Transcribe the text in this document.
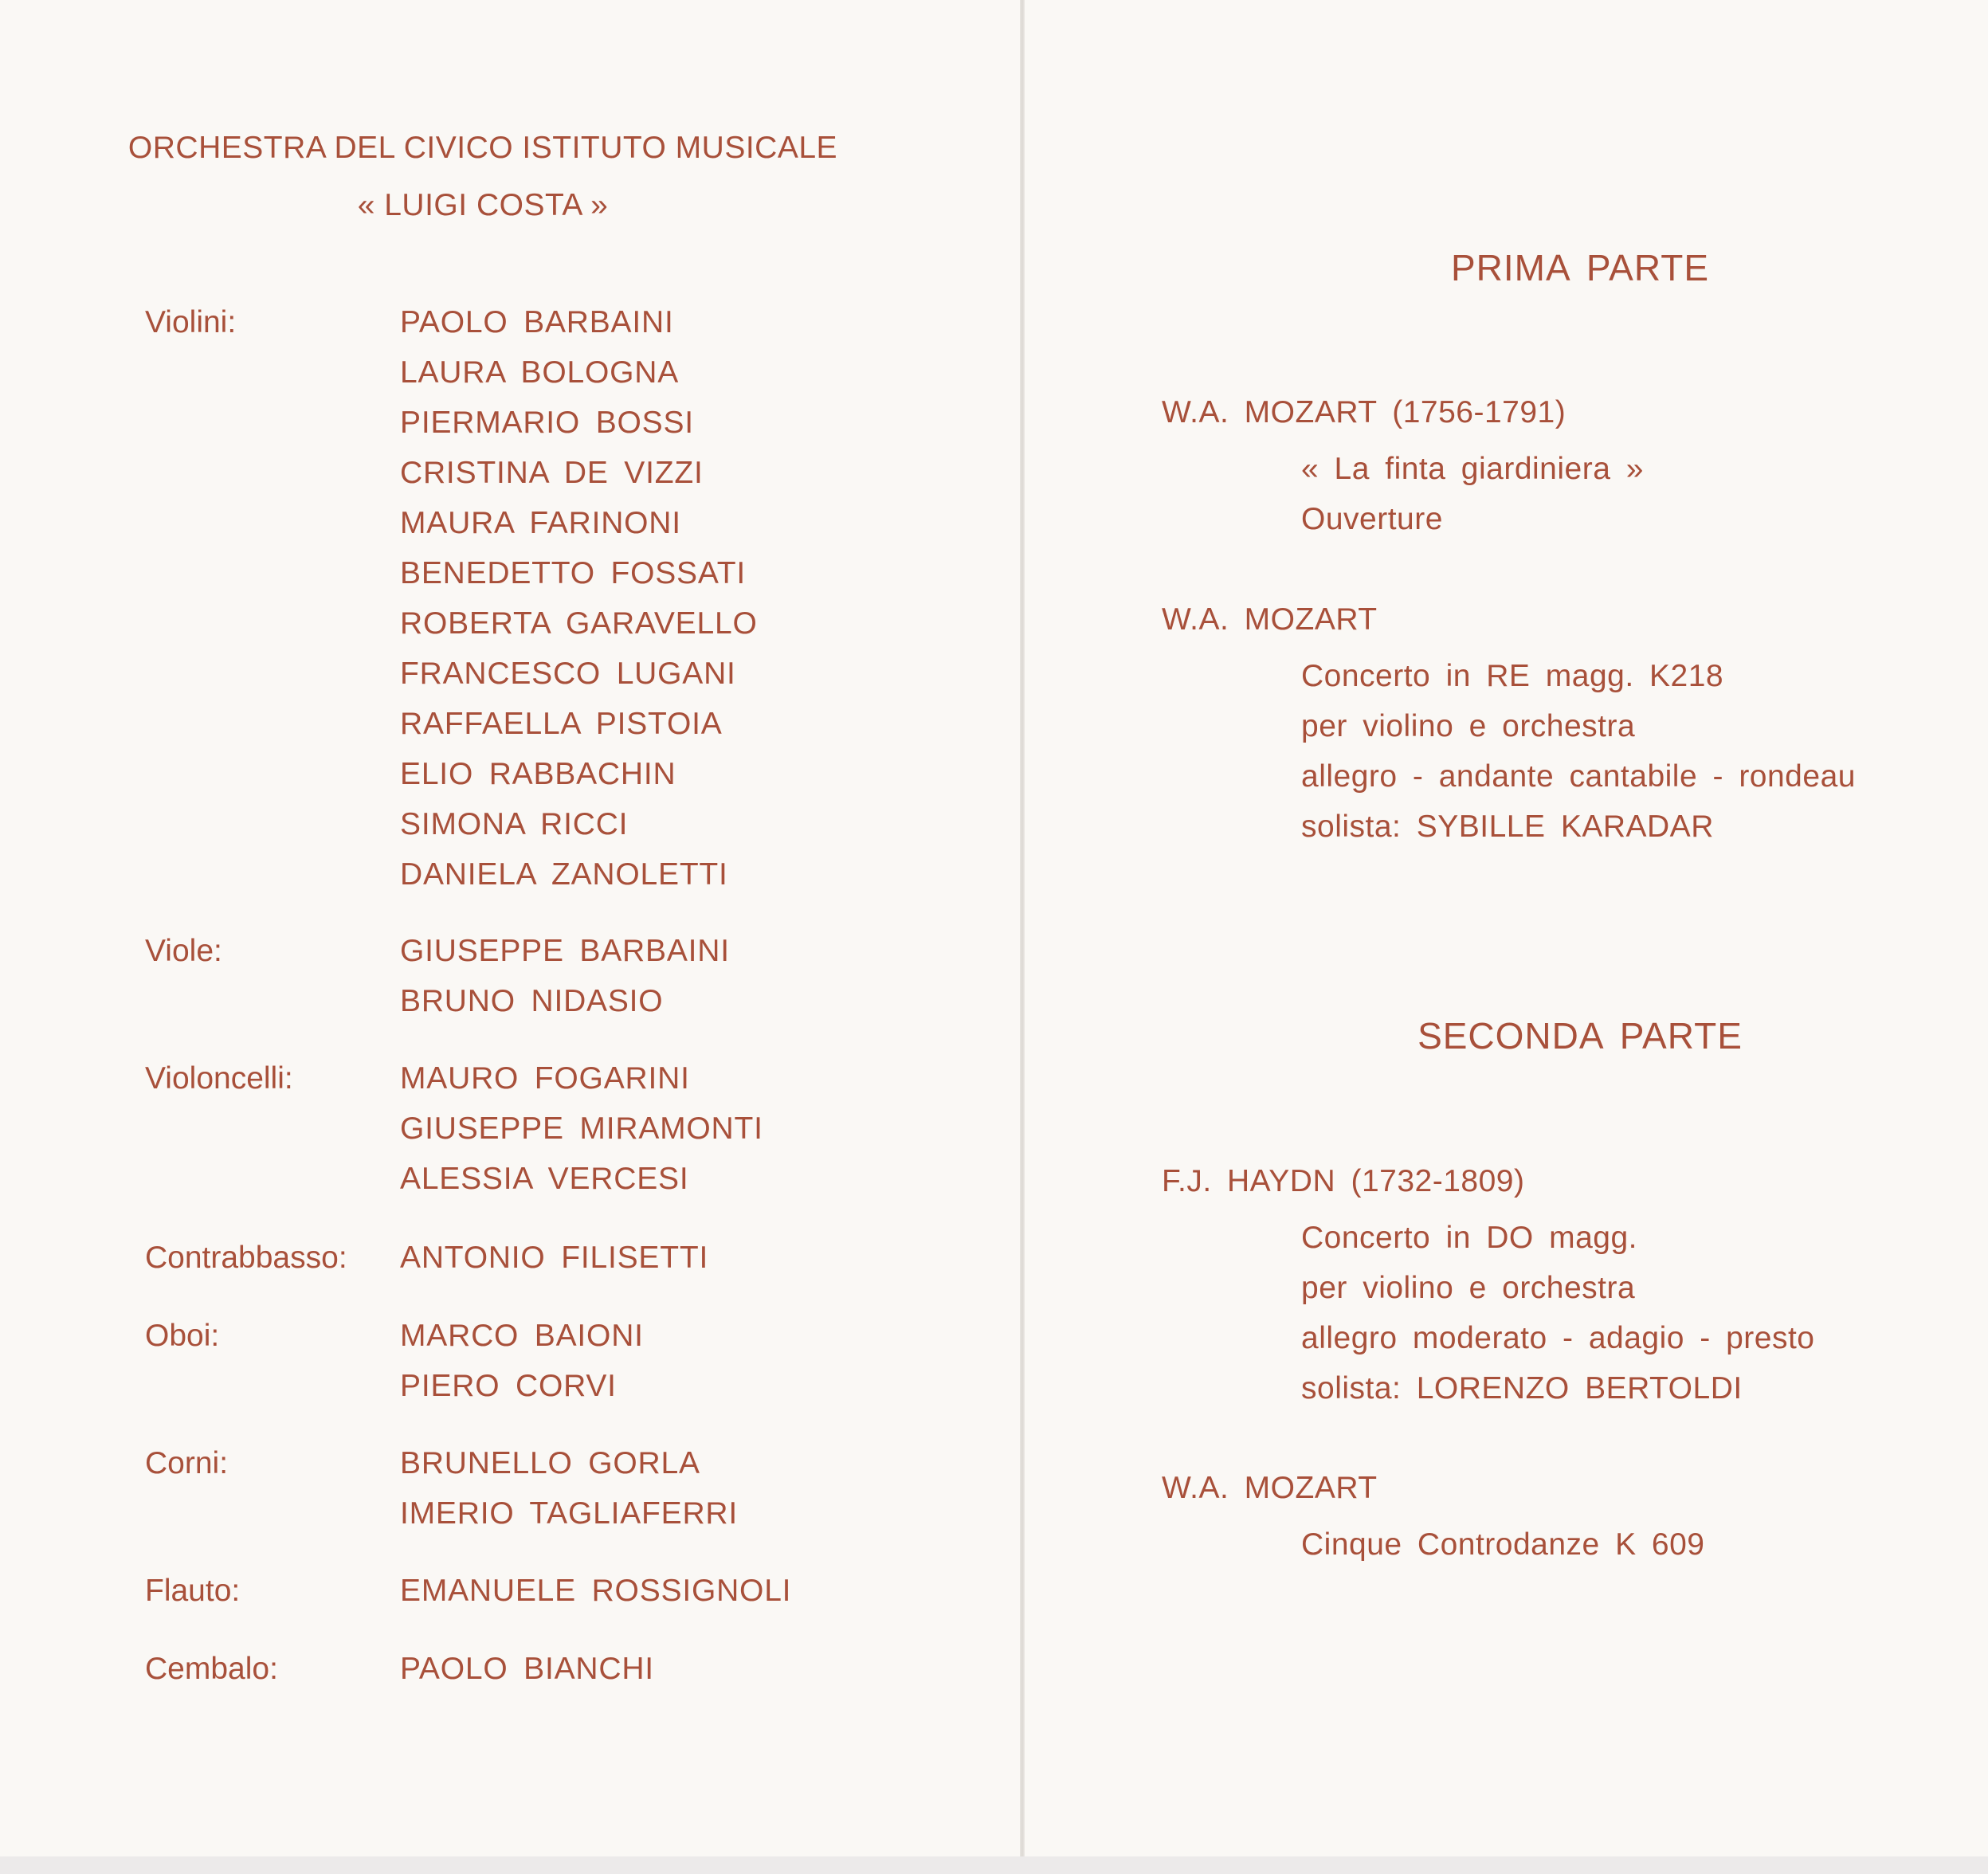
ORCHESTRA DEL CIVICO ISTITUTO MUSICALE
« LUIGI COSTA »
Violini:	PAOLO BARBAINI
LAURA BOLOGNA
PIERMARIO BOSSI
CRISTINA DE VIZZI
MAURA FARINONI
BENEDETTO FOSSATI
ROBERTA GARAVELLO
FRANCESCO LUGANI
RAFFAELLA PISTOIA
ELIO RABBACHIN
SIMONA RICCI
DANIELA ZANOLETTI
Viole:	GIUSEPPE BARBAINI
BRUNO NIDASIO
Violoncelli:	MAURO FOGARINI
GIUSEPPE MIRAMONTI
ALESSIA VERCESI
Contrabbasso: ANTONIO FILISETTI
Oboi:	MARCO BAIONI
PIERO CORVI
Corni:	BRUNELLO GORLA
IMERIO TAGLIAFERRI
Flauto:	EMANUELE ROSSIGNOLI
Cembalo:	PAOLO BIANCHI
PRIMA PARTE
W.A. MOZART (1756-1791)
« La finta giardiniera »
Ouverture
W.A. MOZART
Concerto in RE magg. K218
per violino e orchestra
allegro - andante cantabile - rondeau
solista: SYBILLE KARADAR
SECONDA PARTE
F.J. HAYDN (1732-1809)
Concerto in DO magg.
per violino e orchestra
allegro moderato - adagio - presto
solista: LORENZO BERTOLDI
W.A. MOZART
Cinque Controdanze K 609
